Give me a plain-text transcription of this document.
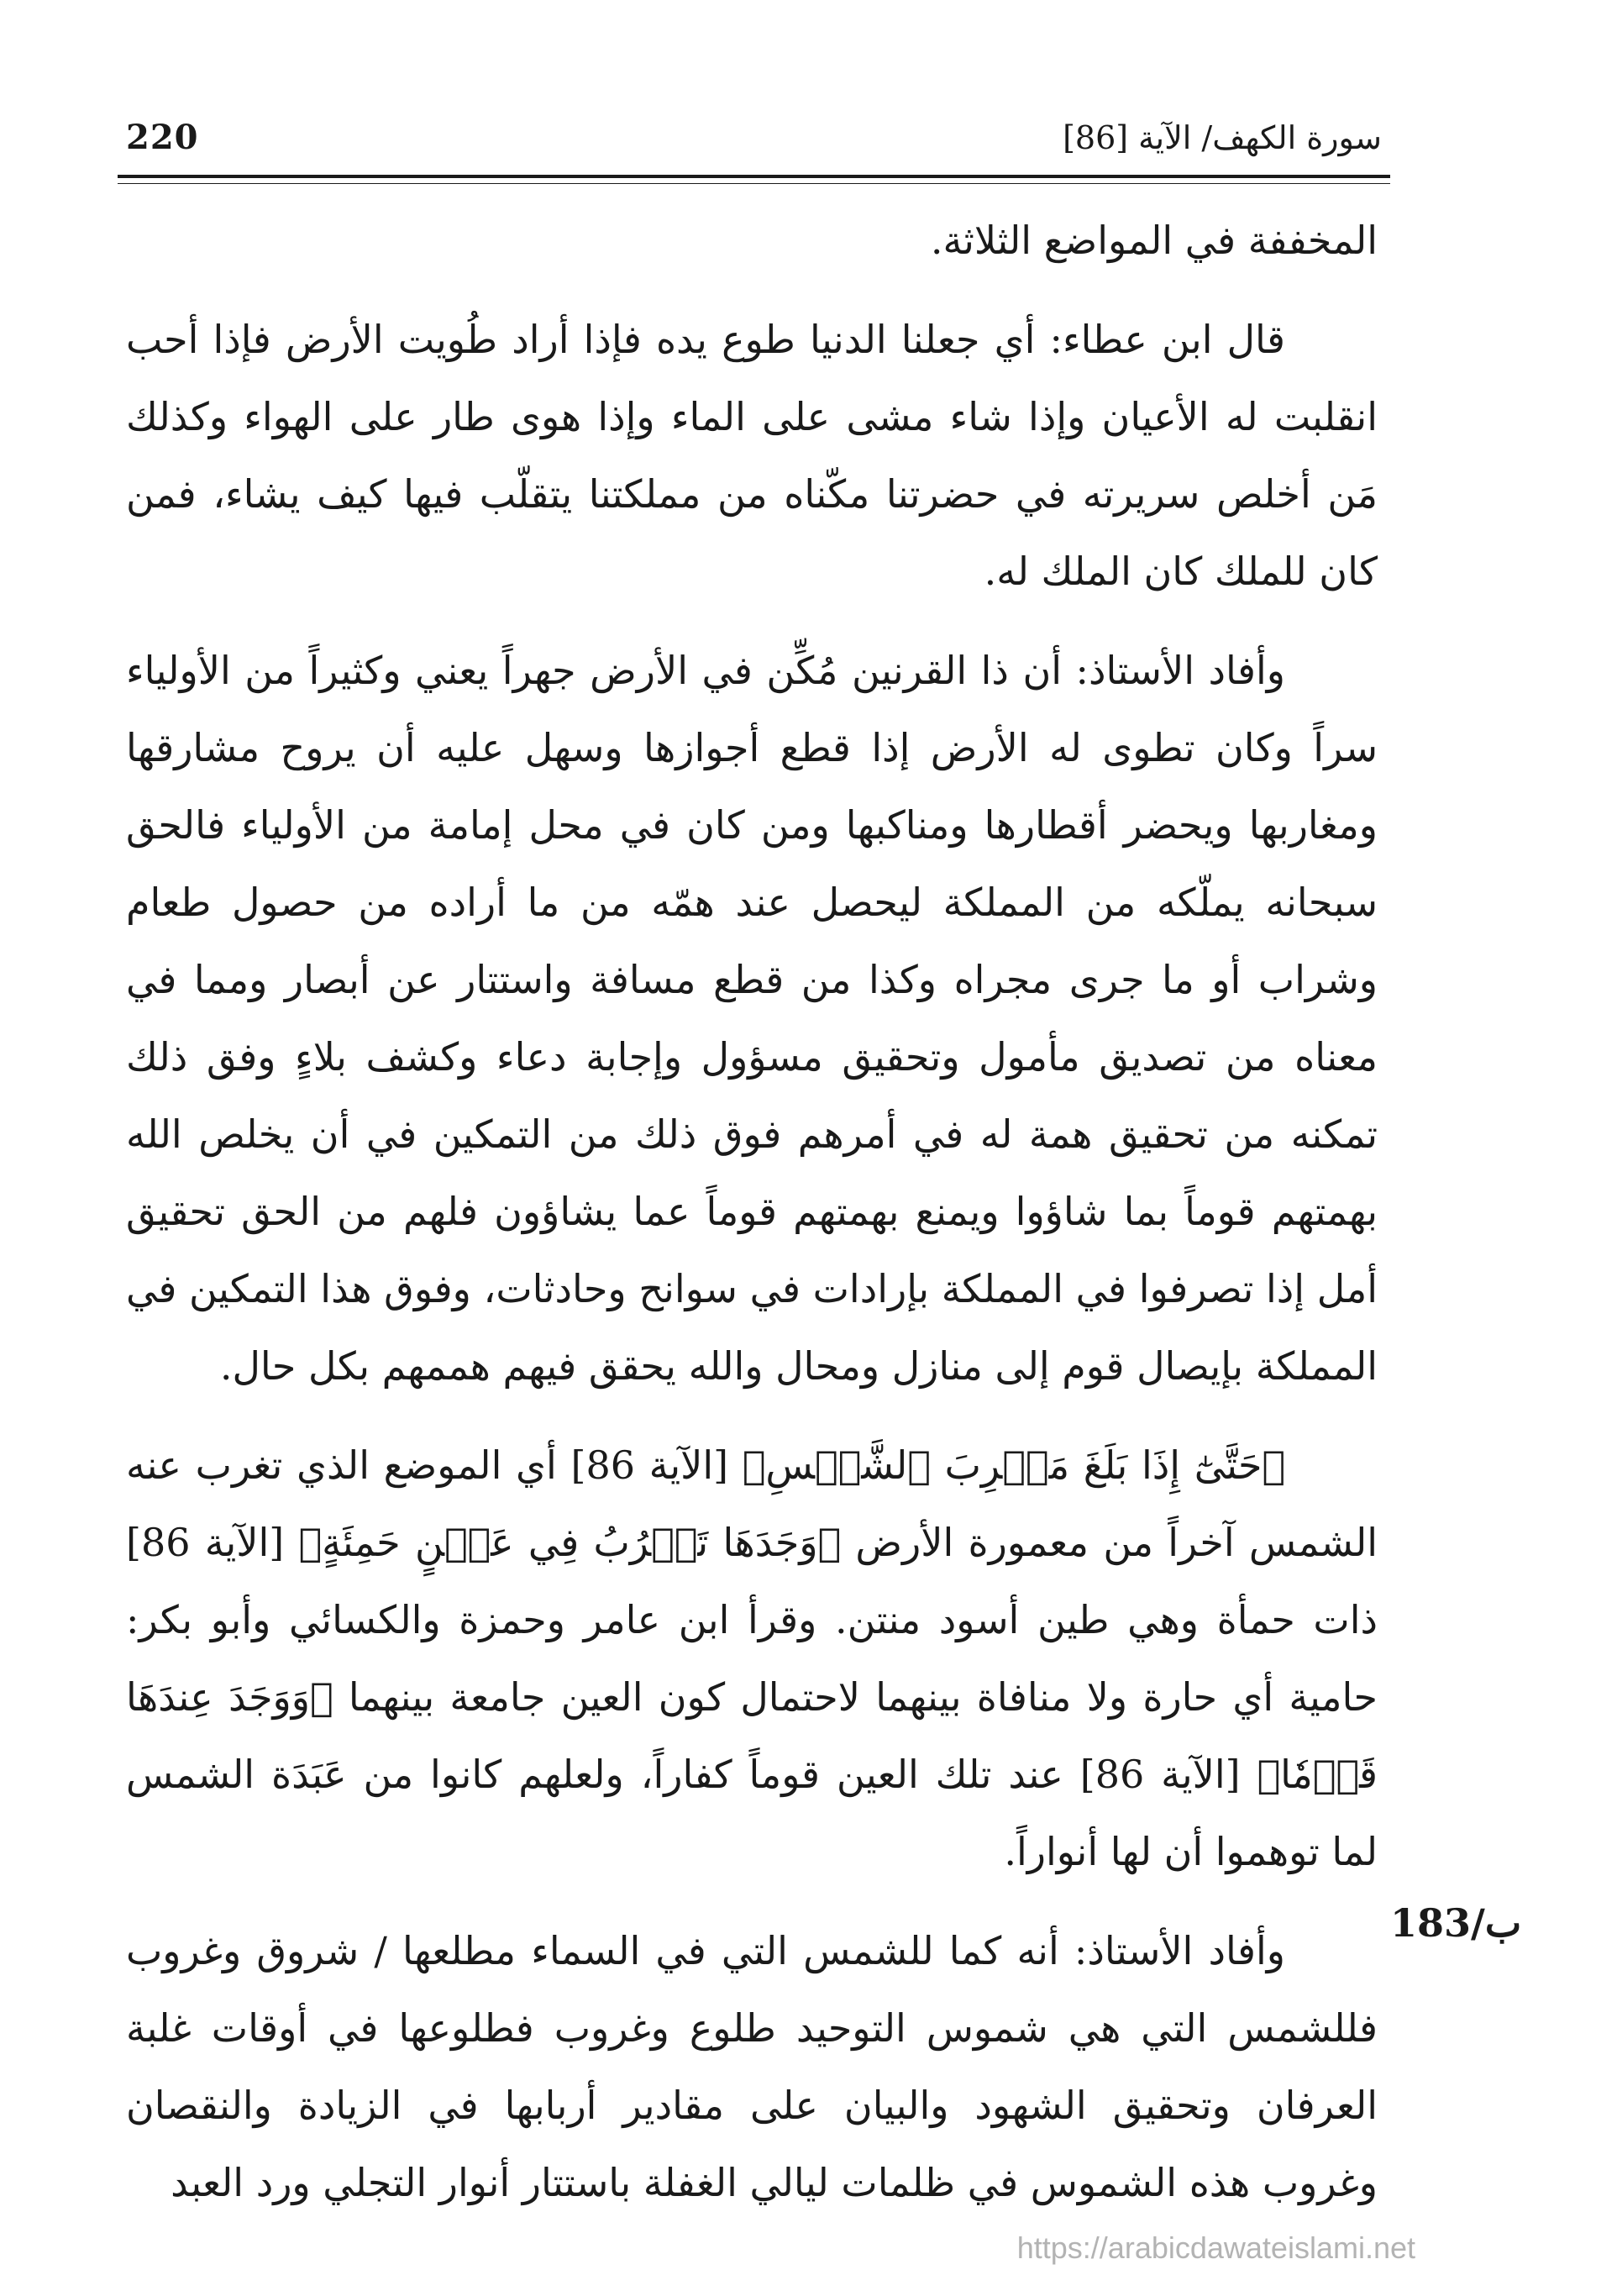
220	سورة الكهف/ الآية [86]

المخففة في المواضع الثلاثة.

قال ابن عطاء: أي جعلنا الدنيا طوع يده فإذا أراد طُويت الأرض فإذا أحب انقلبت له الأعيان وإذا شاء مشى على الماء وإذا هوى طار على الهواء وكذلك مَن أخلص سريرته في حضرتنا مكّناه من مملكتنا يتقلّب فيها كيف يشاء، فمن كان للملك كان الملك له.

وأفاد الأستاذ: أن ذا القرنين مُكِّن في الأرض جهراً يعني وكثيراً من الأولياء سراً وكان تطوى له الأرض إذا قطع أجوازها وسهل عليه أن يروح مشارقها ومغاربها ويحضر أقطارها ومناكبها ومن كان في محل إمامة من الأولياء فالحق سبحانه يملّكه من المملكة ليحصل عند همّه من ما أراده من حصول طعام وشراب أو ما جرى مجراه وكذا من قطع مسافة واستتار عن أبصار ومما في معناه من تصديق مأمول وتحقيق مسؤول وإجابة دعاء وكشف بلاءٍ وفق ذلك تمكنه من تحقيق همة له في أمرهم فوق ذلك من التمكين في أن يخلص الله بهمتهم قوماً بما شاؤوا ويمنع بهمتهم قوماً عما يشاؤون فلهم من الحق تحقيق أمل إذا تصرفوا في المملكة بإرادات في سوانح وحادثات، وفوق هذا التمكين في المملكة بإيصال قوم إلى منازل ومحال والله يحقق فيهم هممهم بكل حال.

﴿حَتَّىٰٓ إِذَا بَلَغَ مَغۡرِبَ ٱلشَّمۡسِ﴾ [الآية 86] أي الموضع الذي تغرب عنه الشمس آخراً من معمورة الأرض ﴿وَجَدَهَا تَغۡرُبُ فِي عَيۡنٍ حَمِئَةٍ﴾ [الآية 86] ذات حمأة وهي طين أسود منتن. وقرأ ابن عامر وحمزة والكسائي وأبو بكر: حامية أي حارة ولا منافاة بينهما لاحتمال كون العين جامعة بينهما ﴿وَوَجَدَ عِندَهَا قَوۡمٗا﴾ [الآية 86] عند تلك العين قوماً كفاراً، ولعلهم كانوا من عَبَدَة الشمس لما توهموا أن لها أنواراً.

وأفاد الأستاذ: أنه كما للشمس التي في السماء مطلعها / شروق وغروب فللشمس التي هي شموس التوحيد طلوع وغروب فطلوعها في أوقات غلبة العرفان وتحقيق الشهود والبيان على مقادير أربابها في الزيادة والنقصان وغروب هذه الشموس في ظلمات ليالي الغفلة باستتار أنوار التجلي ورد العبد

183/ب
https://arabicdawateislami.net
